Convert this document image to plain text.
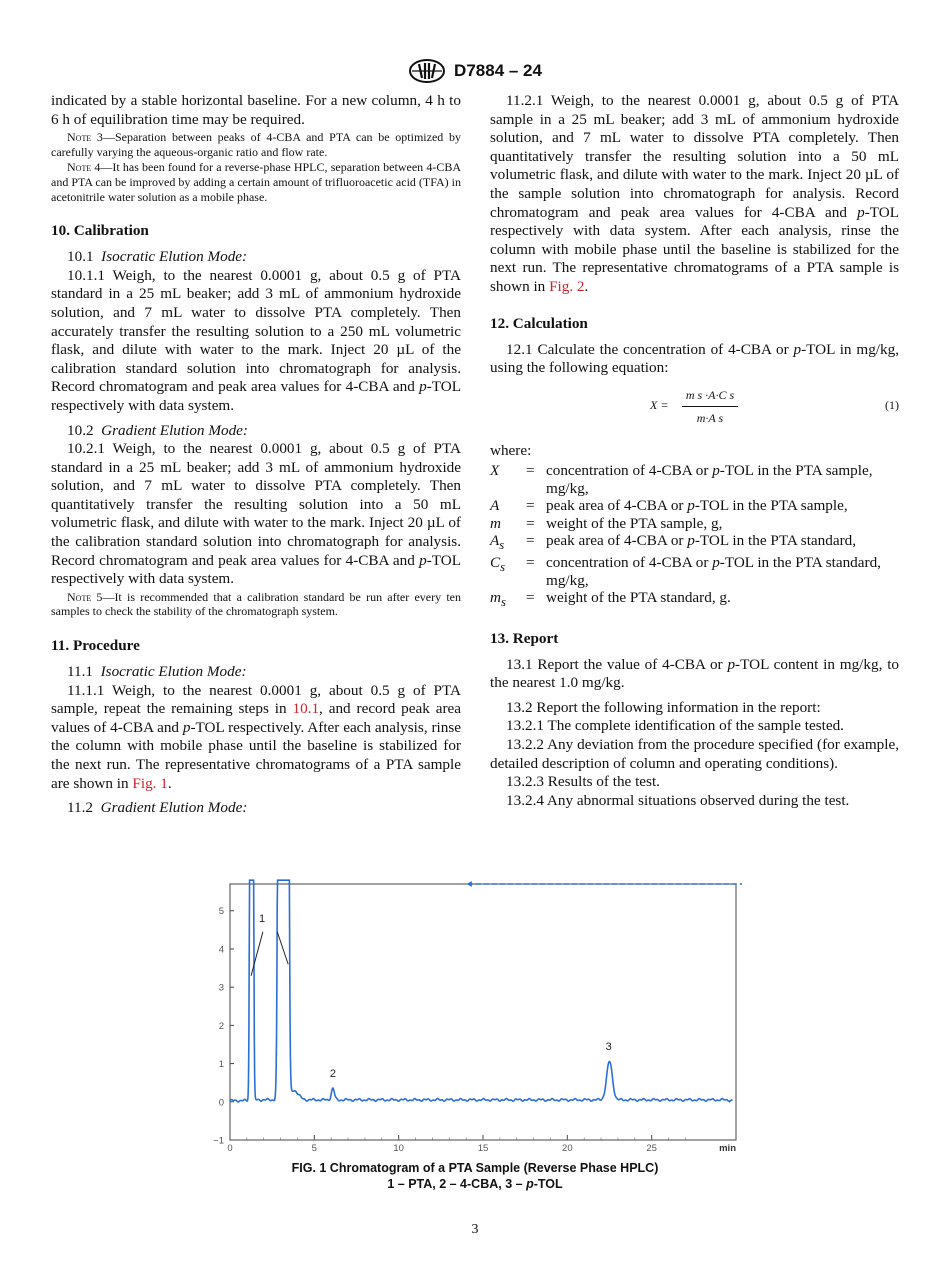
D7884 – 24

indicated by a stable horizontal baseline. For a new column, 4 h to 6 h of equilibration time may be required.

Note 3—Separation between peaks of 4-CBA and PTA can be optimized by carefully varying the aqueous-organic ratio and flow rate.

Note 4—It has been found for a reverse-phase HPLC, separation between 4-CBA and PTA can be improved by adding a certain amount of trifluoroacetic acid (TFA) in acetonitrile water solution as a mobile phase.

10. Calibration

10.1 Isocratic Elution Mode:

10.1.1 Weigh, to the nearest 0.0001 g, about 0.5 g of PTA standard in a 25 mL beaker; add 3 mL of ammonium hydroxide solution, and 7 mL water to dissolve PTA completely. Then accurately transfer the resulting solution to a 250 mL volumetric flask, and dilute with water to the mark. Inject 20 µL of the calibration standard solution into chromatograph for analysis. Record chromatogram and peak area values for 4-CBA and p-TOL respectively with data system.

10.2 Gradient Elution Mode:

10.2.1 Weigh, to the nearest 0.0001 g, about 0.5 g of PTA standard in a 25 mL beaker; add 3 mL of ammonium hydroxide solution, and 7 mL water to dissolve PTA completely. Then quantitatively transfer the resulting solution into a 50 mL volumetric flask, and dilute with water to the mark. Inject 20 µL of the calibration standard solution into chromatograph for analysis. Record chromatogram and peak area values for 4-CBA and p-TOL respectively with data system.

Note 5—It is recommended that a calibration standard be run after every ten samples to check the stability of the chromatograph system.

11. Procedure

11.1 Isocratic Elution Mode:

11.1.1 Weigh, to the nearest 0.0001 g, about 0.5 g of PTA sample, repeat the remaining steps in 10.1, and record peak area values of 4-CBA and p-TOL respectively. After each analysis, rinse the column with mobile phase until the baseline is stabilized for the next run. The representative chromatograms of a PTA sample are shown in Fig. 1.

11.2 Gradient Elution Mode:

11.2.1 Weigh, to the nearest 0.0001 g, about 0.5 g of PTA sample in a 25 mL beaker; add 3 mL of ammonium hydroxide solution, and 7 mL water to dissolve PTA completely. Then quantitatively transfer the resulting solution into a 50 mL volumetric flask, and dilute with water to the mark. Inject 20 µL of the sample solution into chromatograph for analysis. Record chromatogram and peak area values for 4-CBA and p-TOL respectively with data system. After each analysis, rinse the column with mobile phase until the baseline is stabilized for the next run. The representative chromatograms of a PTA sample is shown in Fig. 2.

12. Calculation

12.1 Calculate the concentration of 4-CBA or p-TOL in mg/kg, using the following equation:

$X = \frac{\text{m s ·A·C s}}{\text{m·A s}}$	(1)

where:

X	=	concentration of 4-CBA or p-TOL in the PTA sample, mg/kg,
A	=	peak area of 4-CBA or p-TOL in the PTA sample,
m	=	weight of the PTA sample, g,
$A_s$	=	peak area of 4-CBA or p-TOL in the PTA standard,
$C_s$	=	concentration of 4-CBA or p-TOL in the PTA standard, mg/kg,
$m_s$	=	weight of the PTA standard, g.
13. Report

13.1 Report the value of 4-CBA or p-TOL content in mg/kg, to the nearest 1.0 mg/kg.

13.2 Report the following information in the report:

13.2.1 The complete identification of the sample tested.

13.2.2 Any deviation from the procedure specified (for example, detailed description of column and operating conditions).

13.2.3 Results of the test.

13.2.4 Any abnormal situations observed during the test.

0	5	10	15	20	25	min
−1
0
1
2
3
4
5
1
2
3
FIG. 1 Chromatogram of a PTA Sample (Reverse Phase HPLC)
1 – PTA, 2 – 4-CBA, 3 – p-TOL
3
